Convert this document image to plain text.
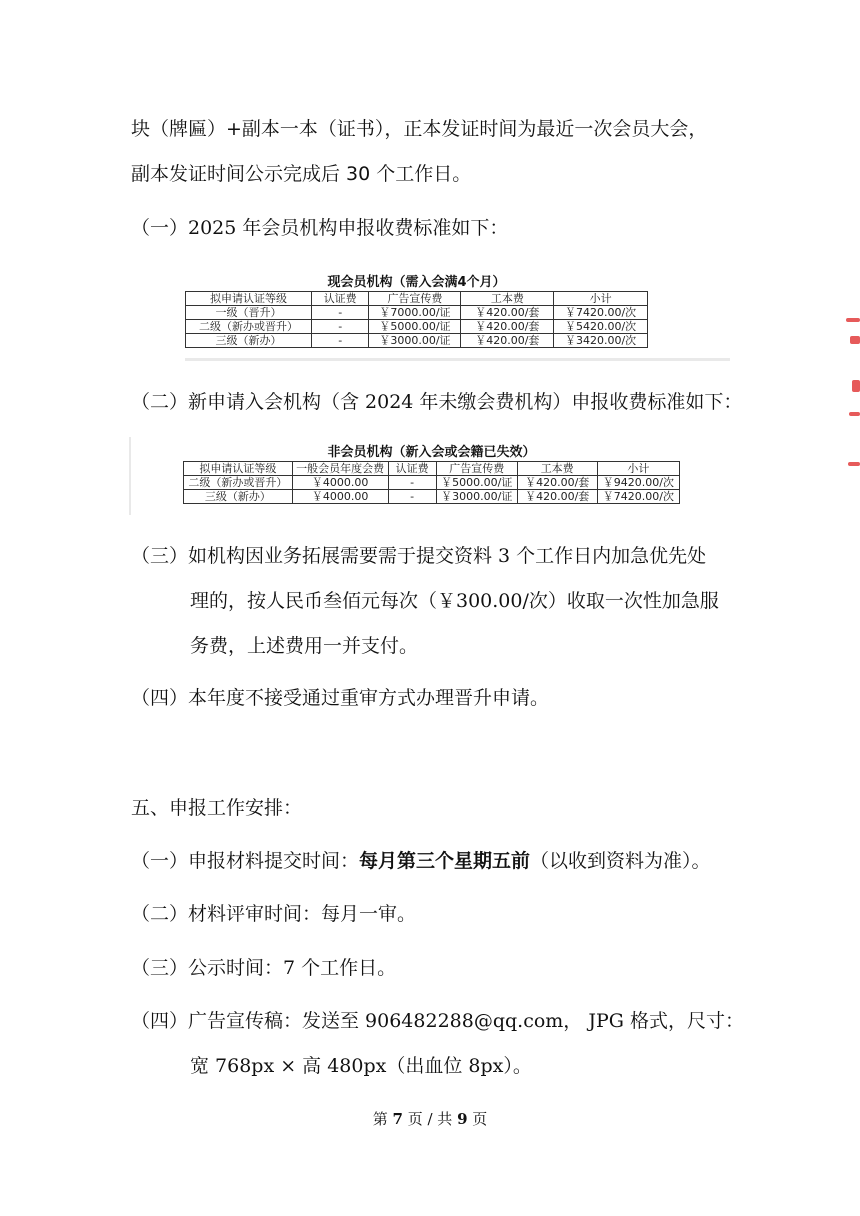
块（牌匾）+副本一本（证书），正本发证时间为最近一次会员大会，
副本发证时间公示完成后 30 个工作日。
（一）2025 年会员机构申报收费标准如下：
现会员机构（需入会满4个月）
拟申请认证等级	认证费	广告宣传费	工本费	小计
一级（晋升）	-	￥7000.00/证	￥420.00/套	￥7420.00/次
二级（新办或晋升）	-	￥5000.00/证	￥420.00/套	￥5420.00/次
三级（新办）	-	￥3000.00/证	￥420.00/套	￥3420.00/次
（二）新申请入会机构（含 2024 年未缴会费机构）申报收费标准如下：
非会员机构（新入会或会籍已失效）
拟申请认证等级	一般会员年度会费	认证费	广告宣传费	工本费	小计
二级（新办或晋升）	￥4000.00	-	￥5000.00/证	￥420.00/套	￥9420.00/次
三级（新办）	￥4000.00	-	￥3000.00/证	￥420.00/套	￥7420.00/次
（三）如机构因业务拓展需要需于提交资料 3 个工作日内加急优先处
理的，按人民币叁佰元每次（￥300.00/次）收取一次性加急服
务费，上述费用一并支付。
（四）本年度不接受通过重审方式办理晋升申请。
五、申报工作安排：
（一）申报材料提交时间：每月第三个星期五前（以收到资料为准）。
（二）材料评审时间：每月一审。
（三）公示时间：7 个工作日。
（四）广告宣传稿：发送至 906482288@qq.com， JPG 格式，尺寸：
宽 768px × 高 480px（出血位 8px）。
第 7 页 / 共 9 页
